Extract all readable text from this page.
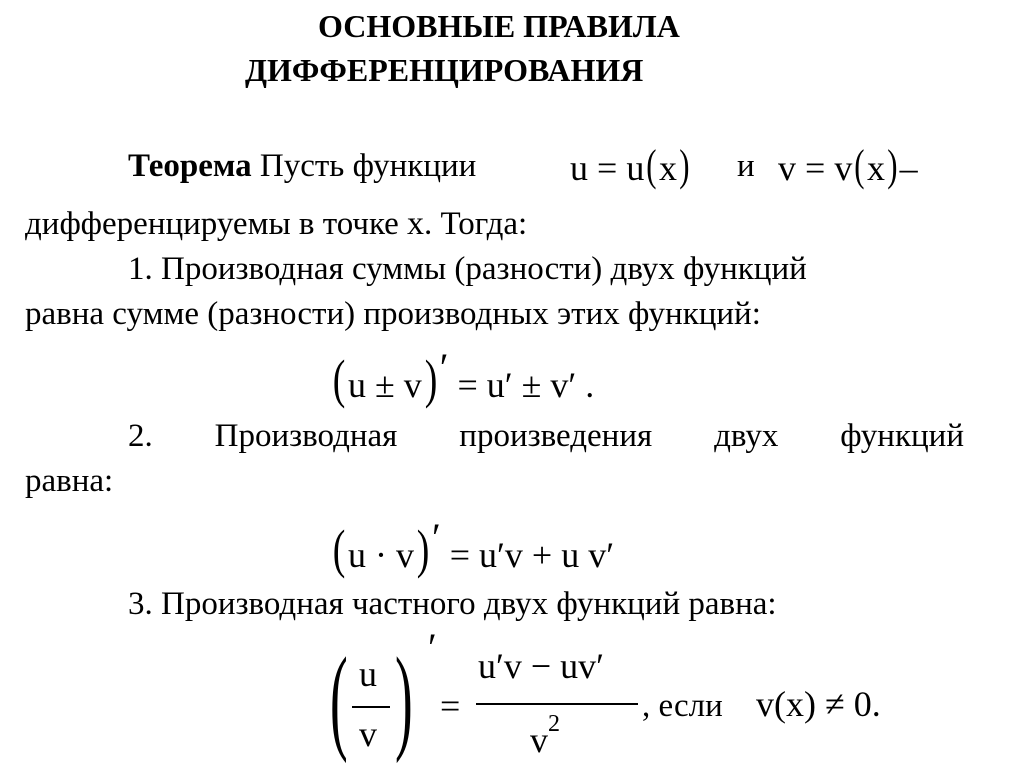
ОСНОВНЫЕ ПРАВИЛА
ДИФФЕРЕНЦИРОВАНИЯ
Теорема Пусть функции	u = u(x) и v = v(x)–
дифференцируемы в точке x. Тогда:
1. Производная суммы (разности) двух функций
равна сумме (разности) производных этих функций:
(u ± v)′ = u′ ± v′ .
2. Производная произведения двух функций
равна:
(u · v)′ = u′v + u v′
3. Производная частного двух функций равна:
( u
v ) ′
=
u′v − uv′
$v^2$ , если v(x) ≠ 0.
